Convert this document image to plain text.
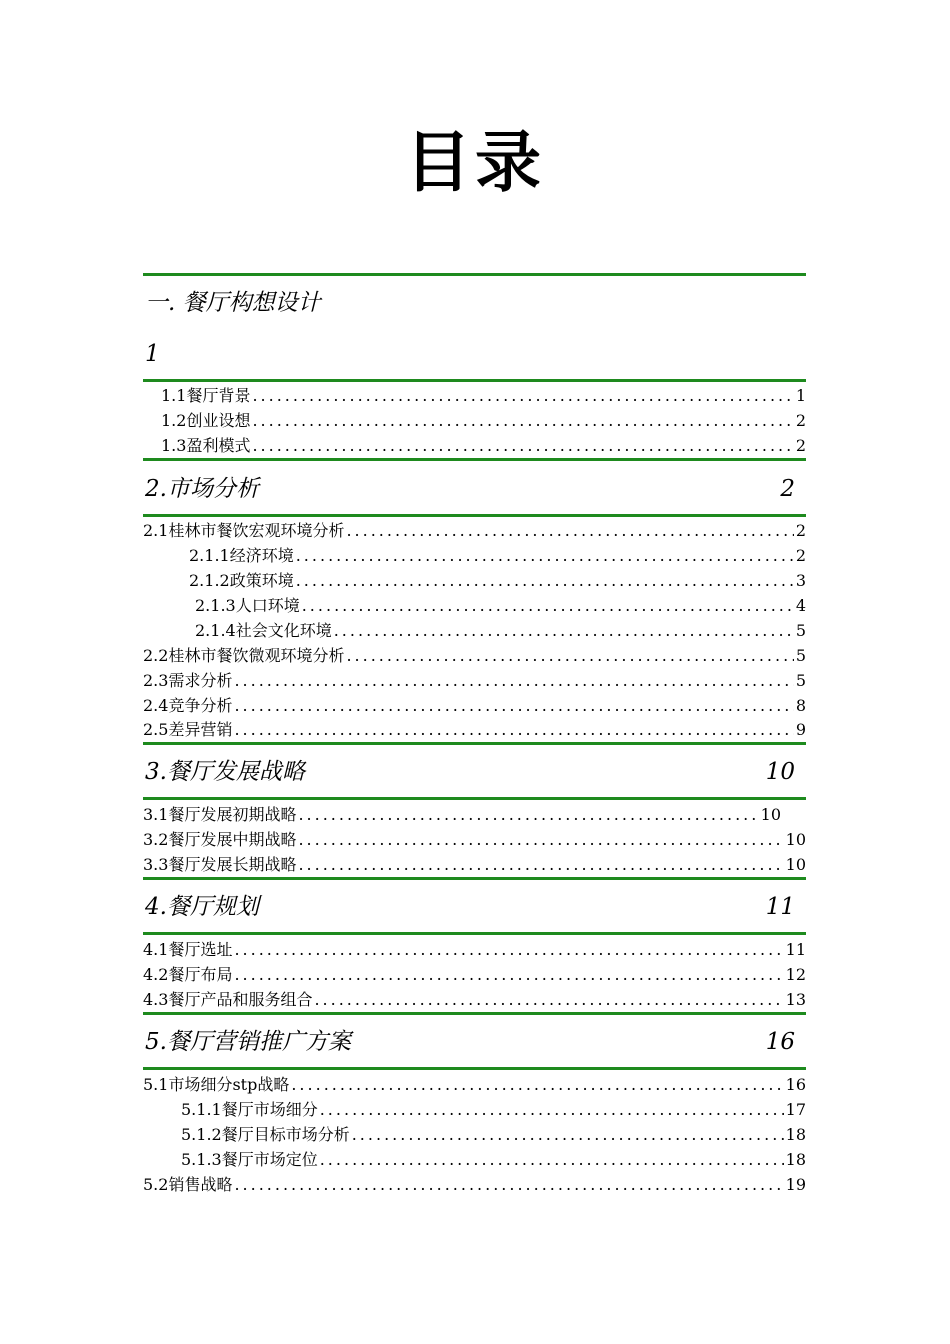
目录
一. 餐厅构想设计
1
1.1餐厅背景 .....	1
1.2创业设想 .....	2
1.3盈利模式 .....	2
2.市场分析	2
2.1桂林市餐饮宏观环境分析 .....	2
2.1.1经济环境 .....	2
2.1.2政策环境 .....	3
2.1.3人口环境 .....	4
2.1.4社会文化环境 .....	5
2.2桂林市餐饮微观环境分析 .....	5
2.3需求分析 .....	5
2.4竞争分析 .....	8
2.5差异营销 .....	9
3.餐厅发展战略	10
3.1餐厅发展初期战略 .....	10
3.2餐厅发展中期战略 .....	10
3.3餐厅发展长期战略 .....	10
4.餐厅规划	11
4.1餐厅选址 .....	11
4.2餐厅布局 .....	12
4.3餐厅产品和服务组合 .....	13
5.餐厅营销推广方案	16
5.1市场细分stp战略 .....	16
5.1.1餐厅市场细分 .....	17
5.1.2餐厅目标市场分析 .....	18
5.1.3餐厅市场定位 .....	18
5.2销售战略 .....	19
